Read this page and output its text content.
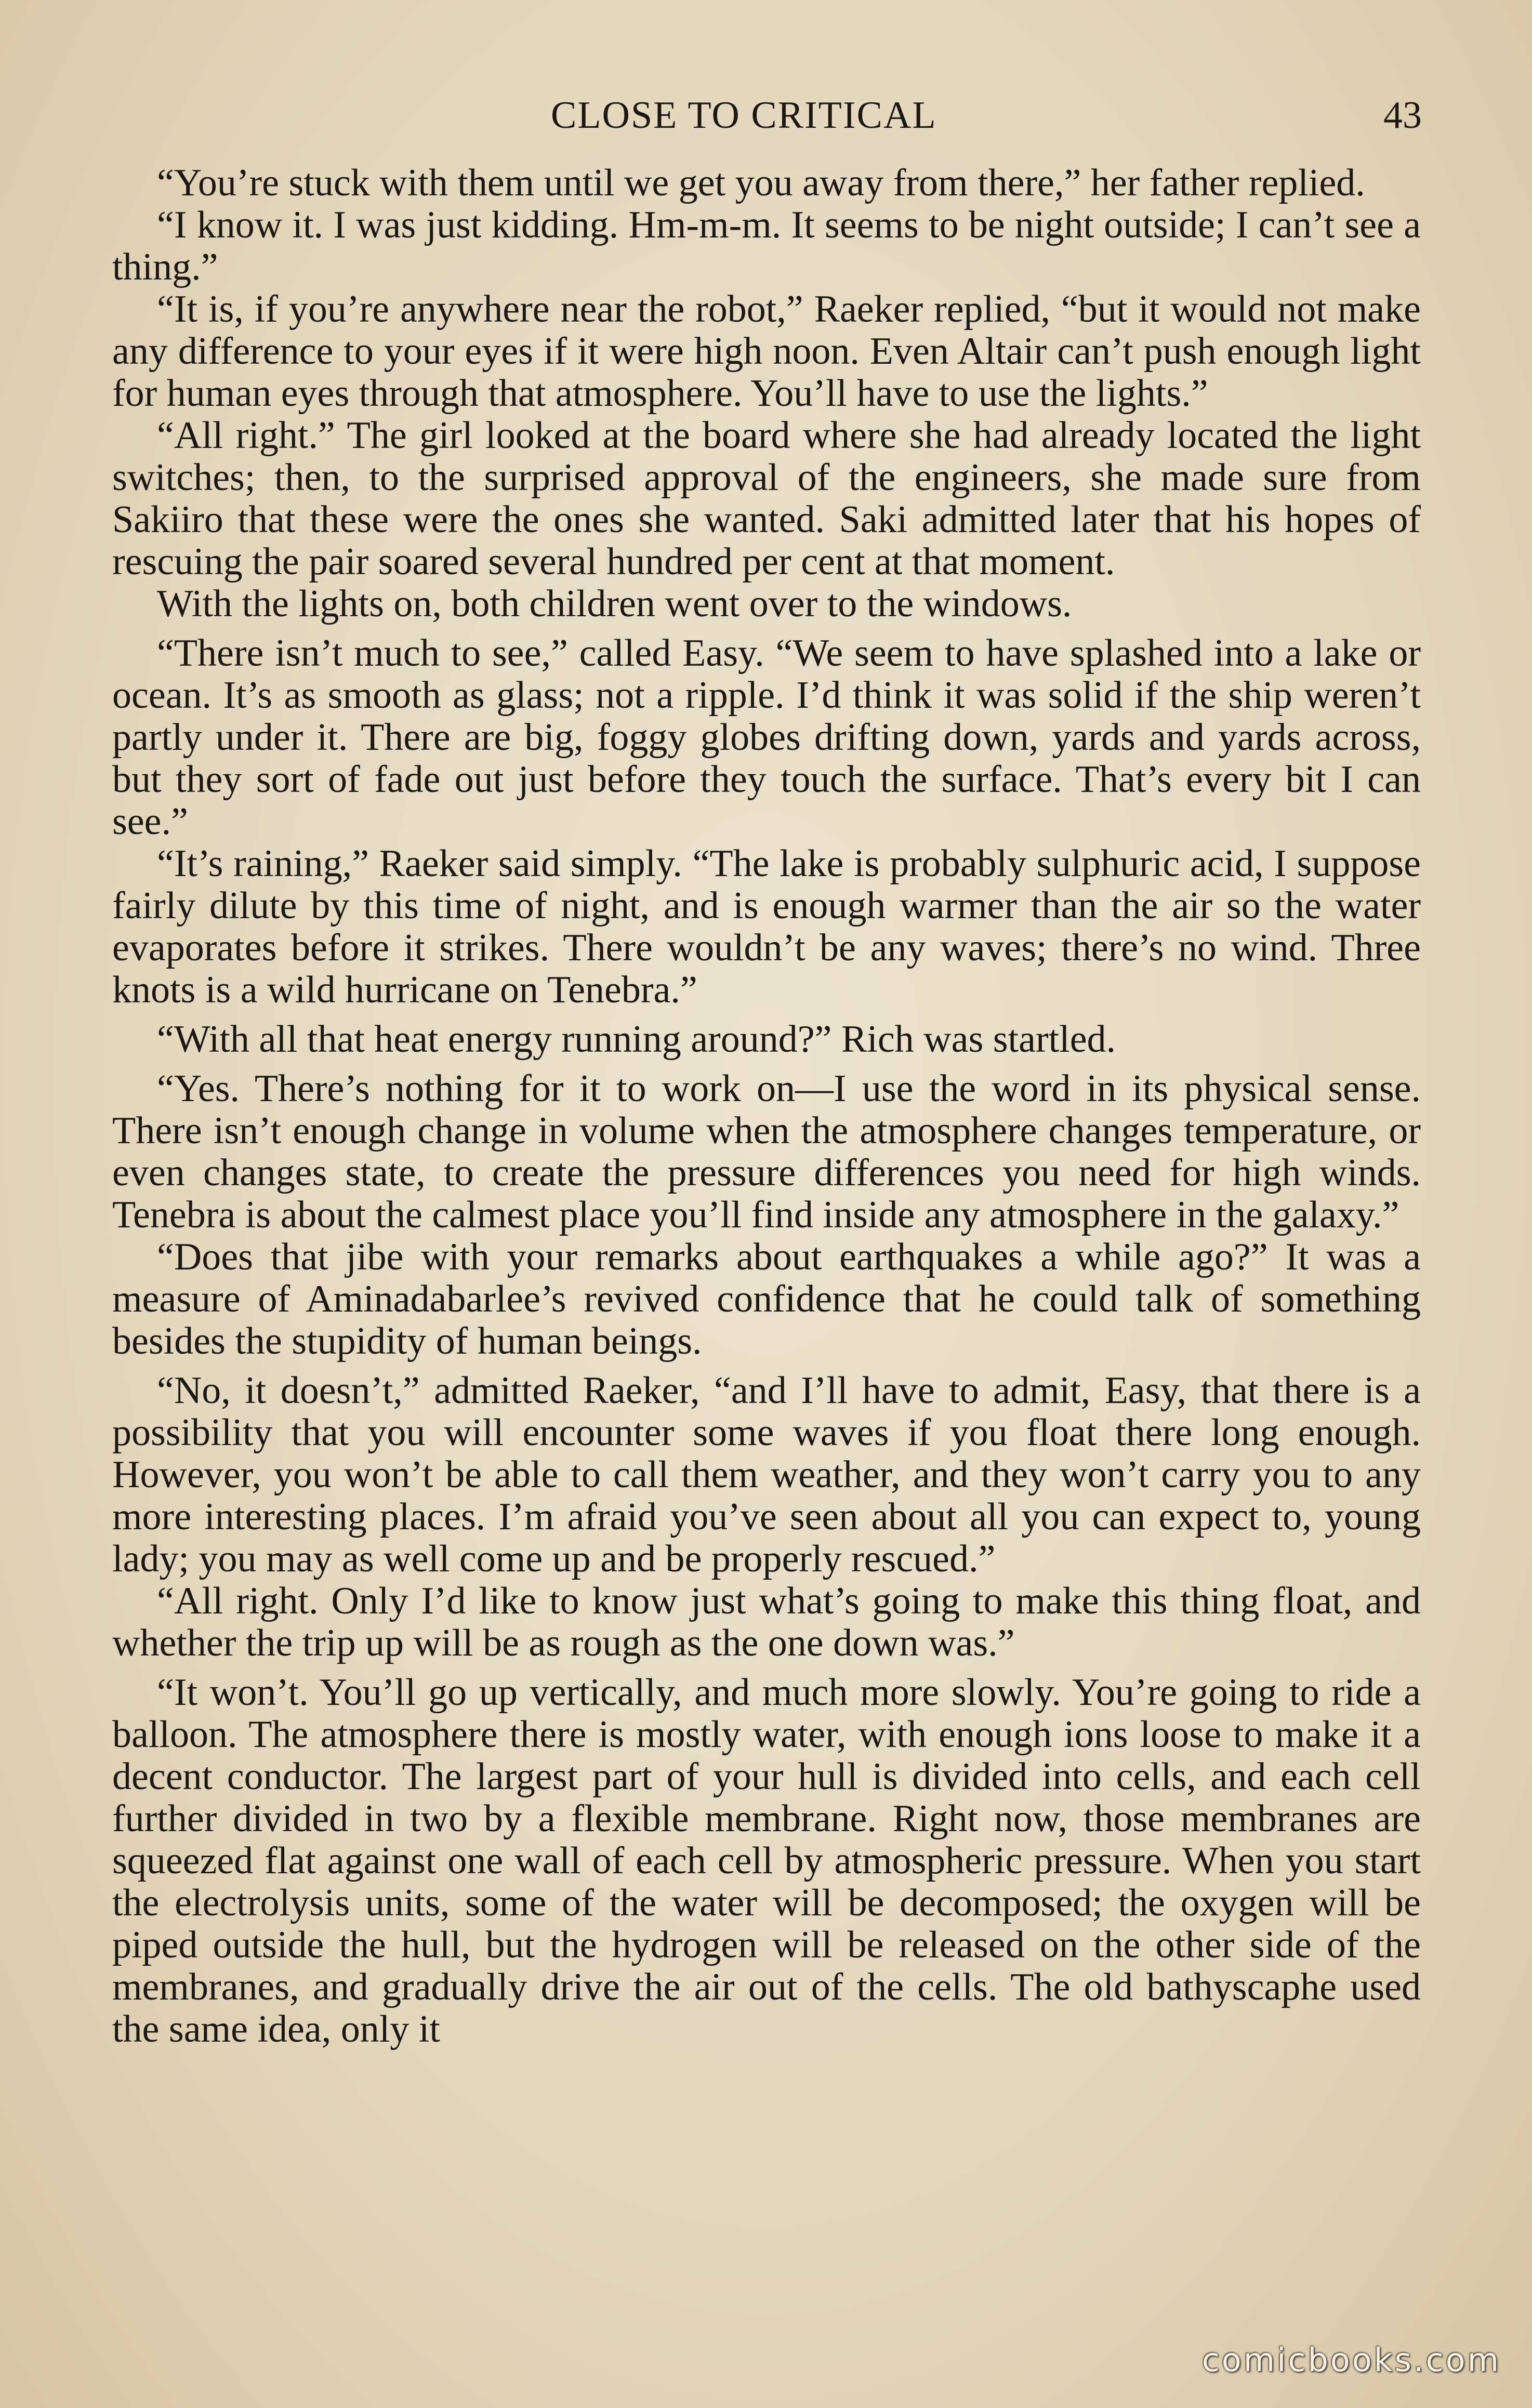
CLOSE TO CRITICAL	43

“You’re stuck with them until we get you away from there,” her father replied.

“I know it. I was just kidding. Hm-m-m. It seems to be night outside; I can’t see a thing.”

“It is, if you’re anywhere near the robot,” Raeker replied, “but it would not make any difference to your eyes if it were high noon. Even Altair can’t push enough light for human eyes through that atmosphere. You’ll have to use the lights.”

“All right.” The girl looked at the board where she had already located the light switches; then, to the surprised approval of the engineers, she made sure from Sakiiro that these were the ones she wanted. Saki admitted later that his hopes of rescuing the pair soared several hundred per cent at that moment.

With the lights on, both children went over to the windows.

“There isn’t much to see,” called Easy. “We seem to have splashed into a lake or ocean. It’s as smooth as glass; not a ripple. I’d think it was solid if the ship weren’t partly under it. There are big, foggy globes drifting down, yards and yards across, but they sort of fade out just before they touch the surface. That’s every bit I can see.”

“It’s raining,” Raeker said simply. “The lake is probably sulphuric acid, I suppose fairly dilute by this time of night, and is enough warmer than the air so the water evaporates before it strikes. There wouldn’t be any waves; there’s no wind. Three knots is a wild hurricane on Tenebra.”

“With all that heat energy running around?” Rich was startled.

“Yes. There’s nothing for it to work on—I use the word in its physical sense. There isn’t enough change in volume when the atmosphere changes temperature, or even changes state, to create the pressure differences you need for high winds. Tenebra is about the calmest place you’ll find inside any atmosphere in the galaxy.”

“Does that jibe with your remarks about earthquakes a while ago?” It was a measure of Aminadabarlee’s revived confidence that he could talk of something besides the stupidity of human beings.

“No, it doesn’t,” admitted Raeker, “and I’ll have to admit, Easy, that there is a possibility that you will encounter some waves if you float there long enough. However, you won’t be able to call them weather, and they won’t carry you to any more interesting places. I’m afraid you’ve seen about all you can expect to, young lady; you may as well come up and be properly rescued.”

“All right. Only I’d like to know just what’s going to make this thing float, and whether the trip up will be as rough as the one down was.”

“It won’t. You’ll go up vertically, and much more slowly. You’re going to ride a balloon. The atmosphere there is mostly water, with enough ions loose to make it a decent conductor. The largest part of your hull is divided into cells, and each cell further divided in two by a flexible membrane. Right now, those membranes are squeezed flat against one wall of each cell by atmospheric pressure. When you start the electrolysis units, some of the water will be decomposed; the oxygen will be piped outside the hull, but the hydrogen will be released on the other side of the membranes, and gradually drive the air out of the cells. The old bathyscaphe used the same idea, only it

comicbooks.com
